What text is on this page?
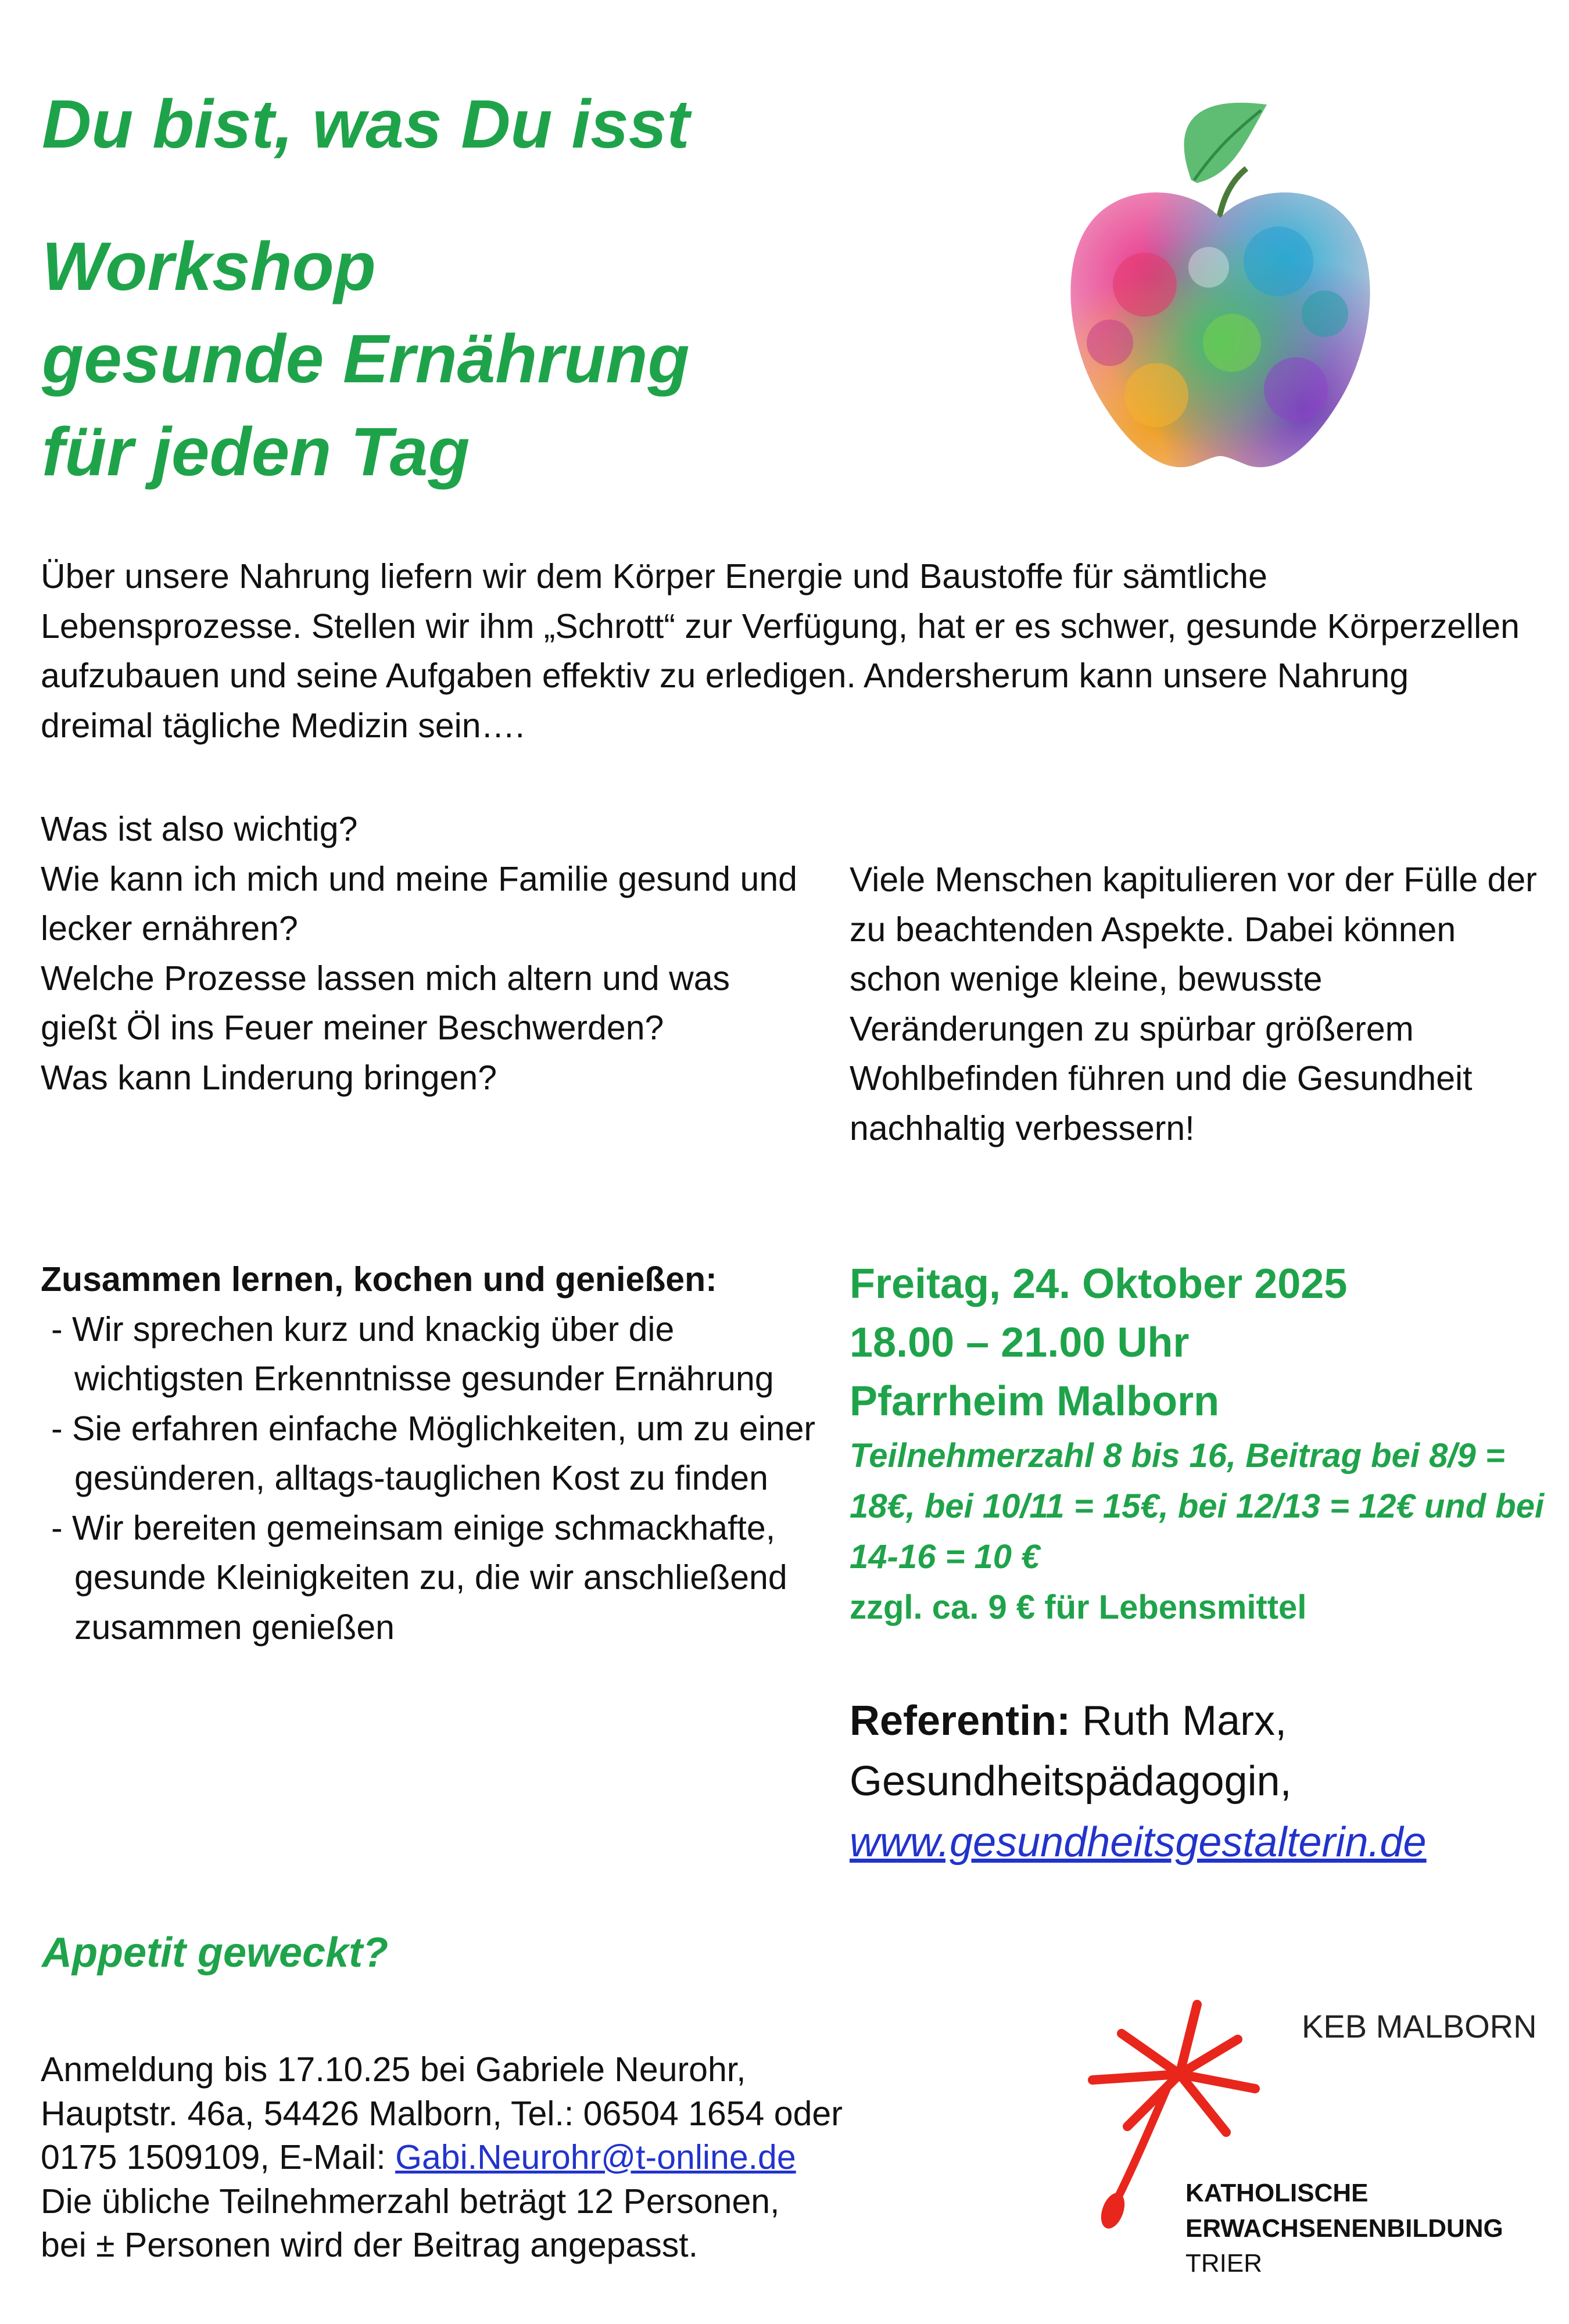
Du bist, was Du isst
Workshop
gesunde Ernährung
für jeden Tag

Über unsere Nahrung liefern wir dem Körper Energie und Baustoffe für sämtliche Lebensprozesse. Stellen wir ihm „Schrott“ zur Verfügung, hat er es schwer, gesunde Körperzellen aufzubauen und seine Aufgaben effektiv zu erledigen. Andersherum kann unsere Nahrung dreimal tägliche Medizin sein….

Was ist also wichtig?
Wie kann ich mich und meine Familie gesund und lecker ernähren?
Welche Prozesse lassen mich altern und was gießt Öl ins Feuer meiner Beschwerden?
Was kann Linderung bringen?
Viele Menschen kapitulieren vor der Fülle der zu beachtenden Aspekte. Dabei können schon wenige kleine, bewusste Veränderungen zu spürbar größerem Wohlbefinden führen und die Gesundheit nachhaltig verbessern!
Zusammen lernen, kochen und genießen:
- Wir sprechen kurz und knackig über die wichtigsten Erkenntnisse gesunder Ernährung
- Sie erfahren einfache Möglichkeiten, um zu einer gesünderen, alltags-tauglichen Kost zu finden
- Wir bereiten gemeinsam einige schmackhafte, gesunde Kleinigkeiten zu, die wir anschließend zusammen genießen
Freitag, 24. Oktober 2025
18.00 – 21.00 Uhr
Pfarrheim Malborn
Teilnehmerzahl 8 bis 16, Beitrag bei 8/9 = 18€, bei 10/11 = 15€, bei 12/13 = 12€ und bei 14-16 = 10 €
zzgl. ca. 9 € für Lebensmittel
Referentin: Ruth Marx,
Gesundheitspädagogin,
www.gesundheitsgestalterin.de
Appetit geweckt?
Anmeldung bis 17.10.25 bei Gabriele Neurohr,
Hauptstr. 46a, 54426 Malborn, Tel.: 06504 1654 oder
0175 1509109, E-Mail: Gabi.Neurohr@t-online.de
Die übliche Teilnehmerzahl beträgt 12 Personen,
bei ± Personen wird der Beitrag angepasst.
KEB MALBORN
KATHOLISCHE
ERWACHSENENBILDUNG
TRIER
